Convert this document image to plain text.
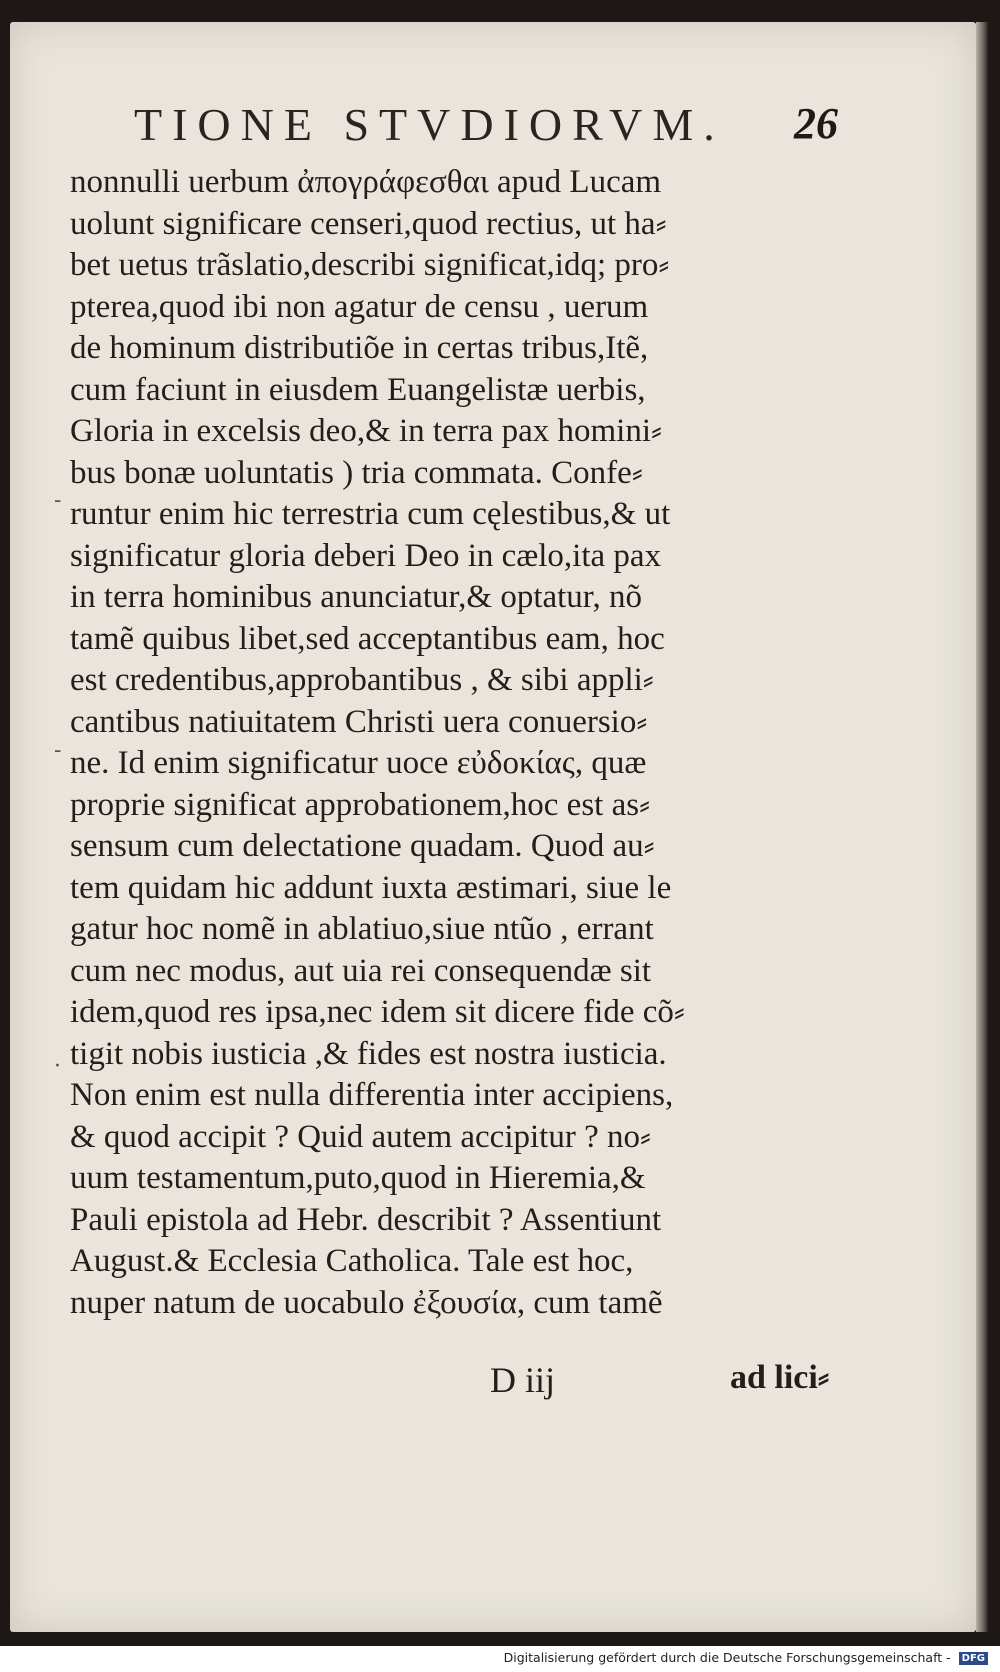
TIONE STVDIORVM. 26
nonnulli uerbum ἀπογράφεσθαι apud Lucam
uolunt significare censeri,quod rectius, ut ha⸗
bet uetus trãslatio,describi significat,idq; pro⸗
pterea,quod ibi non agatur de censu , uerum
de hominum distributiõe in certas tribus,Itẽ,
cum faciunt in eiusdem Euangelistæ uerbis,
Gloria in excelsis deo,& in terra pax homini⸗
bus bonæ uoluntatis ) tria commata. Confe⸗
runtur enim hic terrestria cum cęlestibus,& ut
significatur gloria deberi Deo in cælo,ita pax
in terra hominibus anunciatur,& optatur, nõ
tamẽ quibus libet,sed acceptantibus eam, hoc
est credentibus,approbantibus , & sibi appli⸗
cantibus natiuitatem Christi uera conuersio⸗
ne. Id enim significatur uoce εὐδοκίας, quæ
proprie significat approbationem,hoc est as⸗
sensum cum delectatione quadam. Quod au⸗
tem quidam hic addunt iuxta æstimari, siue le
gatur hoc nomẽ in ablatiuo,siue ntũo , errant
cum nec modus, aut uia rei consequendæ sit
idem,quod res ipsa,nec idem sit dicere fide cõ⸗
tigit nobis iusticia ,& fides est nostra iusticia.
Non enim est nulla differentia inter accipiens,
& quod accipit ? Quid autem accipitur ? no⸗
uum testamentum,puto,quod in Hieremia,&
Pauli epistola ad Hebr. describit ? Assentiunt
August.& Ecclesia Catholica. Tale est hoc,
nuper natum de uocabulo ἐξουσία, cum tamẽ
-
-
·
D iij	ad lici⸗
Digitalisierung gefördert durch die Deutsche Forschungsgemeinschaft - DFG
